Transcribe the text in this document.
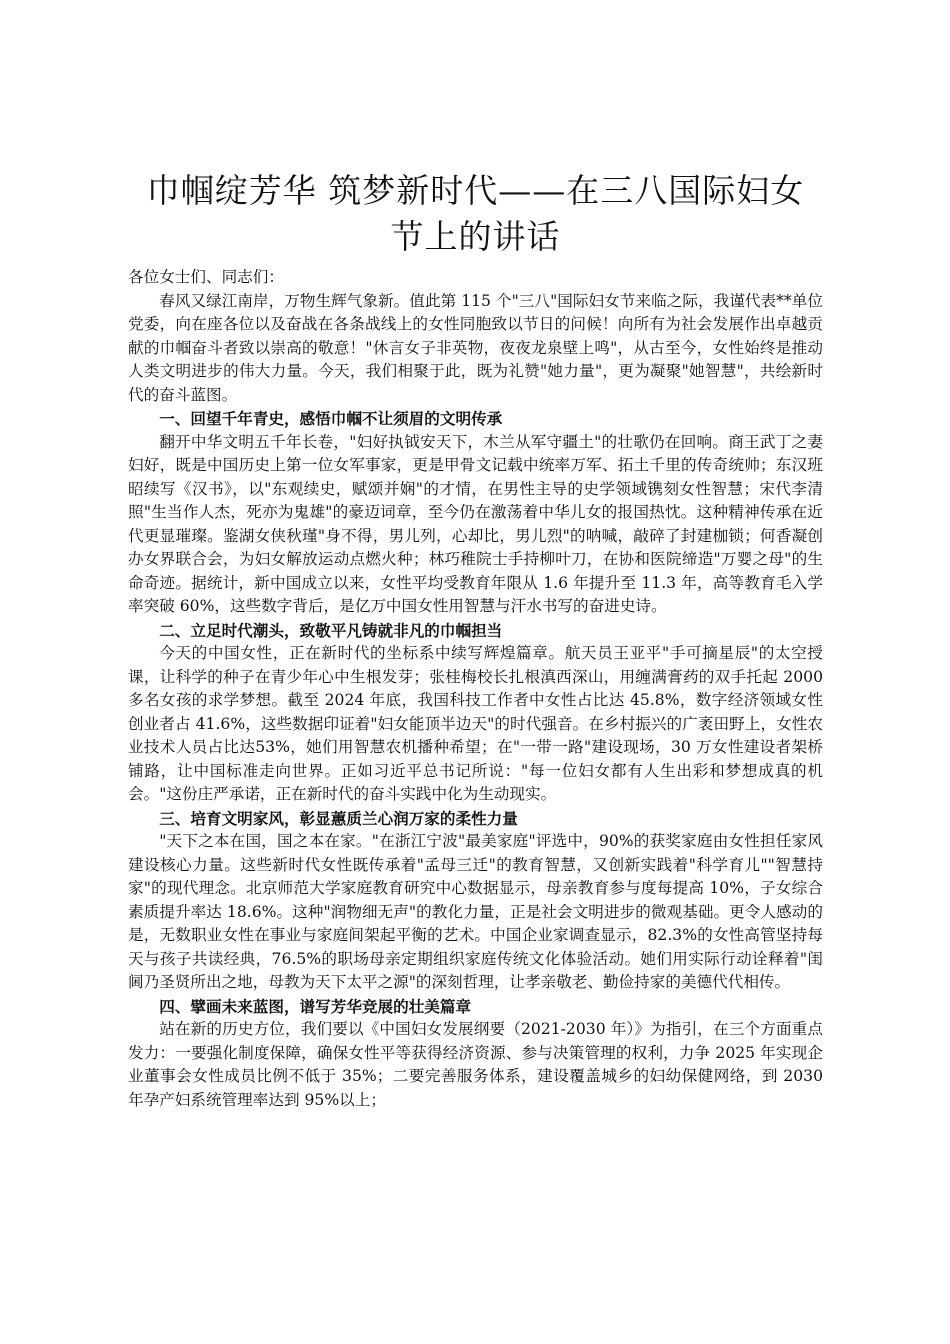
巾帼绽芳华 筑梦新时代——在三八国际妇女
节上的讲话

各位女士们、同志们：

春风又绿江南岸，万物生辉气象新。值此第 115 个"三八"国际妇女节来临之际，我谨代表**单位党委，向在座各位以及奋战在各条战线上的女性同胞致以节日的问候！向所有为社会发展作出卓越贡献的巾帼奋斗者致以崇高的敬意！"休言女子非英物，夜夜龙泉壁上鸣"，从古至今，女性始终是推动人类文明进步的伟大力量。今天，我们相聚于此，既为礼赞"她力量"，更为凝聚"她智慧"，共绘新时代的奋斗蓝图。

一、回望千年青史，感悟巾帼不让须眉的文明传承

翻开中华文明五千年长卷，"妇好执钺安天下，木兰从军守疆土"的壮歌仍在回响。商王武丁之妻妇好，既是中国历史上第一位女军事家，更是甲骨文记载中统率万军、拓土千里的传奇统帅；东汉班昭续写《汉书》，以"东观续史，赋颂并娴"的才情，在男性主导的史学领域镌刻女性智慧；宋代李清照"生当作人杰，死亦为鬼雄"的豪迈词章，至今仍在激荡着中华儿女的报国热忱。这种精神传承在近代更显璀璨。鉴湖女侠秋瑾"身不得，男儿列，心却比，男儿烈"的呐喊，敲碎了封建枷锁；何香凝创办女界联合会，为妇女解放运动点燃火种；林巧稚院士手持柳叶刀，在协和医院缔造"万婴之母"的生命奇迹。据统计，新中国成立以来，女性平均受教育年限从 1.6 年提升至 11.3 年，高等教育毛入学率突破 60%，这些数字背后，是亿万中国女性用智慧与汗水书写的奋进史诗。

二、立足时代潮头，致敬平凡铸就非凡的巾帼担当

今天的中国女性，正在新时代的坐标系中续写辉煌篇章。航天员王亚平"手可摘星辰"的太空授课，让科学的种子在青少年心中生根发芽；张桂梅校长扎根滇西深山，用缠满膏药的双手托起 2000 多名女孩的求学梦想。截至 2024 年底，我国科技工作者中女性占比达 45.8%，数字经济领域女性创业者占 41.6%，这些数据印证着"妇女能顶半边天"的时代强音。在乡村振兴的广袤田野上，女性农业技术人员占比达53%，她们用智慧农机播种希望；在"一带一路"建设现场，30 万女性建设者架桥铺路，让中国标准走向世界。正如习近平总书记所说："每一位妇女都有人生出彩和梦想成真的机会。"这份庄严承诺，正在新时代的奋斗实践中化为生动现实。

三、培育文明家风，彰显蕙质兰心润万家的柔性力量

"天下之本在国，国之本在家。"在浙江宁波"最美家庭"评选中，90%的获奖家庭由女性担任家风建设核心力量。这些新时代女性既传承着"孟母三迁"的教育智慧，又创新实践着"科学育儿""智慧持家"的现代理念。北京师范大学家庭教育研究中心数据显示，母亲教育参与度每提高 10%，子女综合素质提升率达 18.6%。这种"润物细无声"的教化力量，正是社会文明进步的微观基础。更令人感动的是，无数职业女性在事业与家庭间架起平衡的艺术。中国企业家调查显示，82.3%的女性高管坚持每天与孩子共读经典，76.5%的职场母亲定期组织家庭传统文化体验活动。她们用实际行动诠释着"闺阃乃圣贤所出之地，母教为天下太平之源"的深刻哲理，让孝亲敬老、勤俭持家的美德代代相传。

四、擘画未来蓝图，谱写芳华竞展的壮美篇章

站在新的历史方位，我们要以《中国妇女发展纲要（2021-2030 年）》为指引，在三个方面重点发力：一要强化制度保障，确保女性平等获得经济资源、参与决策管理的权利，力争 2025 年实现企业董事会女性成员比例不低于 35%；二要完善服务体系，建设覆盖城乡的妇幼保健网络，到 2030 年孕产妇系统管理率达到 95%以上；
